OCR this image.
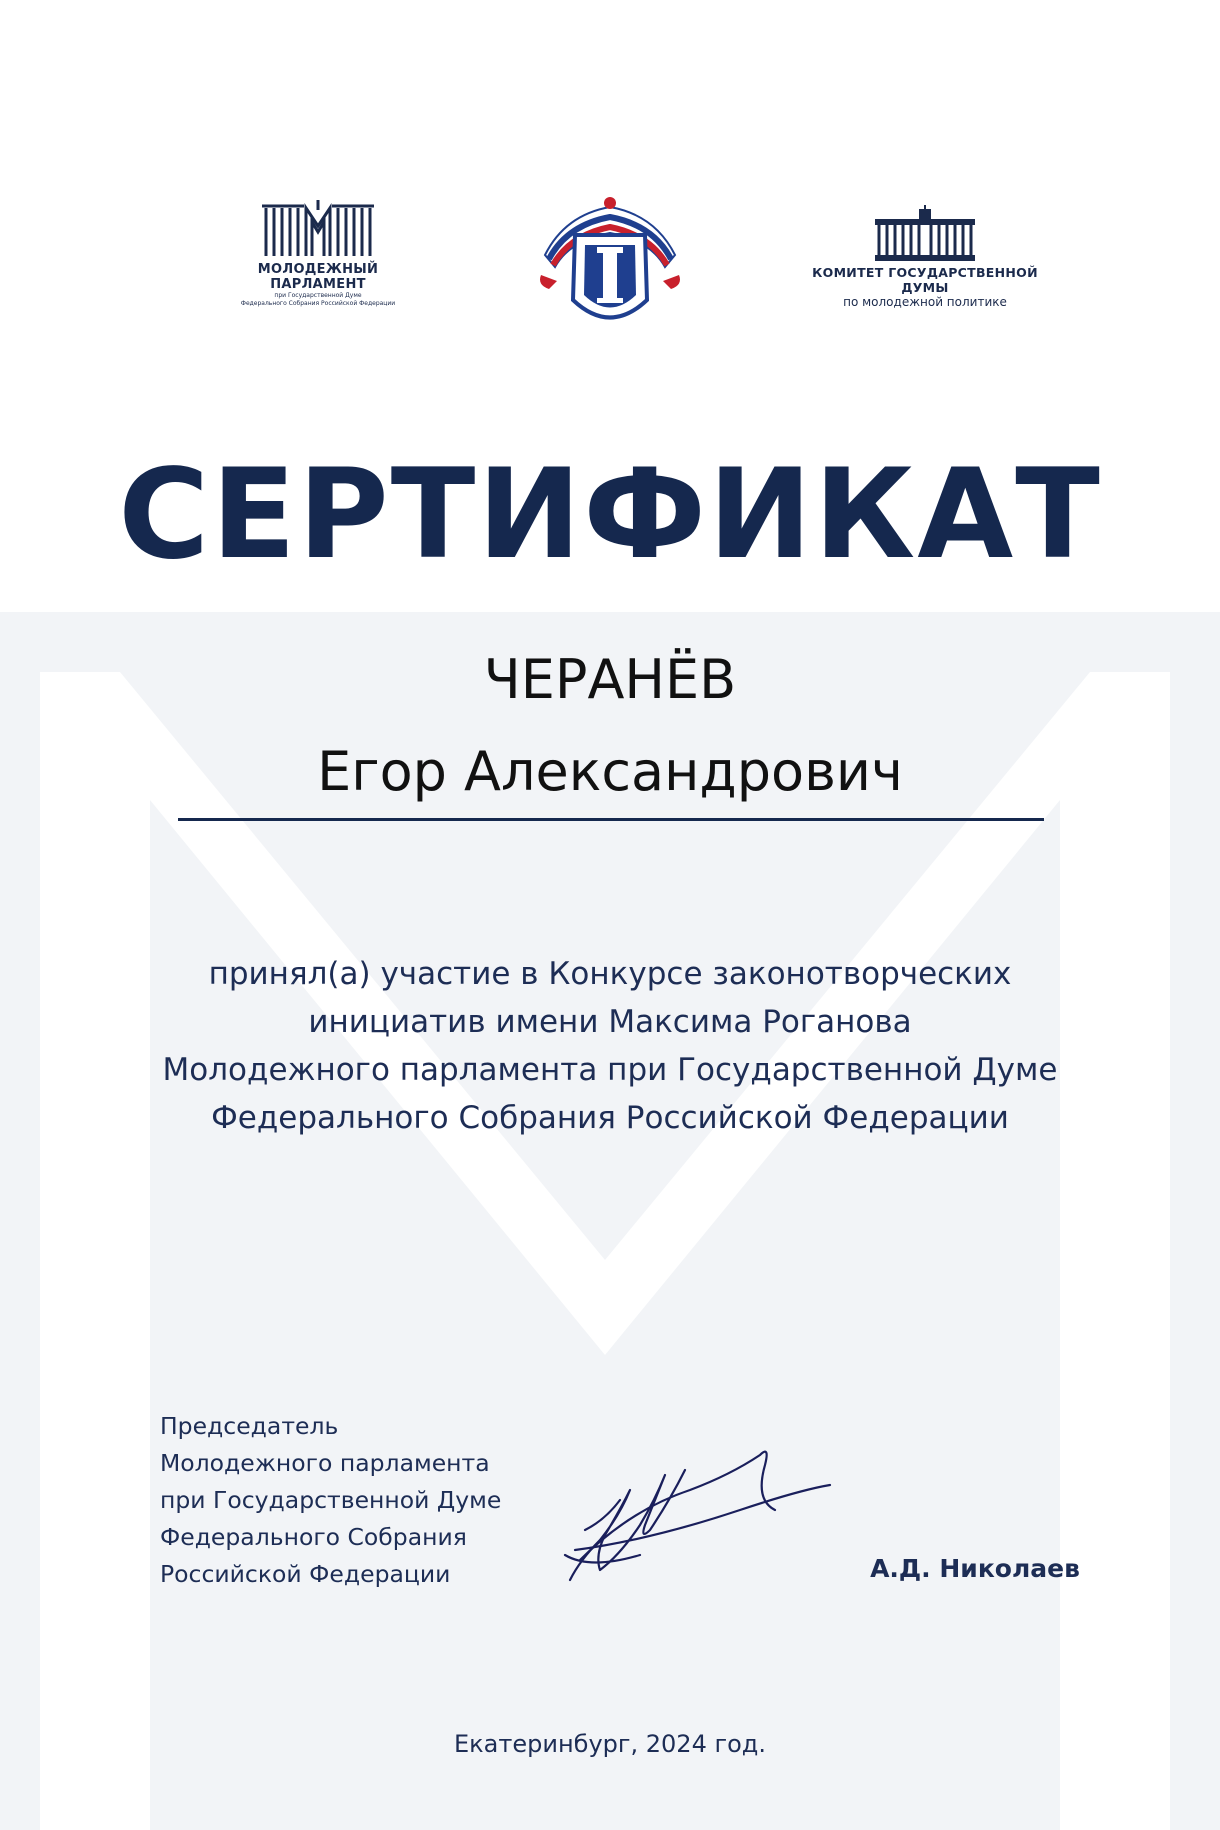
МОЛОДЕЖНЫЙ
ПАРЛАМЕНТ
при Государственной Думе
Федерального Собрания Российской Федерации
КОМИТЕТ ГОСУДАРСТВЕННОЙ ДУМЫ
по молодежной политике
СЕРТИФИКАТ
ЧЕРАНЁВ
Егор Александрович
принял(а) участие в Конкурсе законотворческих
инициатив имени Максима Роганова
Молодежного парламента при Государственной Думе
Федерального Собрания Российской Федерации
Председатель
Молодежного парламента
при Государственной Думе
Федерального Собрания
Российской Федерации	А.Д. Николаев
Екатеринбург, 2024 год.
